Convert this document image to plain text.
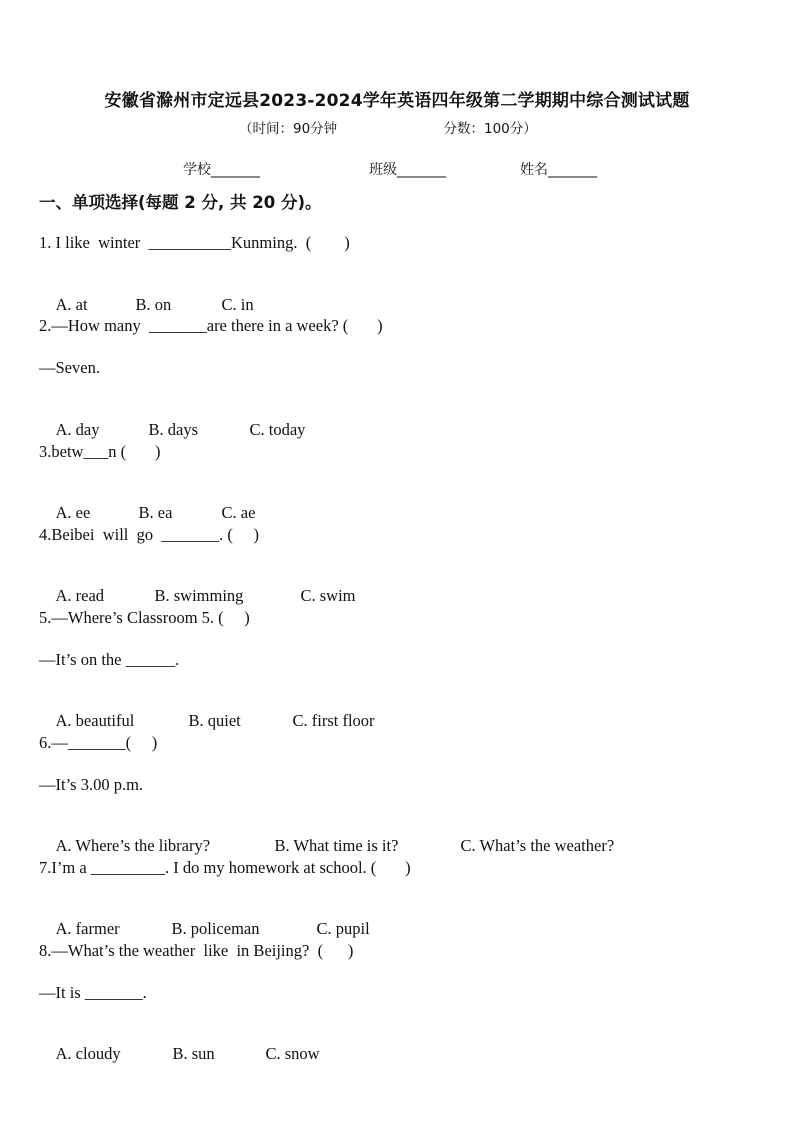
安徽省滁州市定远县2023-2024学年英语四年级第二学期期中综合测试试题
（时间：90分钟	分数：100分）
学校_______	班级_______	姓名_______
一、单项选择(每题 2 分, 共 20 分)。
1. I like  winter  __________Kunming.  (        )

A. at	B. on	C. in

2.—How many  _______are there in a week? (       )
—Seven.

A. day	B. days	C. today

3.betw___n (       )

A. ee	B. ea	C. ae

4.Beibei  will  go  _______. (     )

A. read	B. swimming	C. swim

5.—Where’s Classroom 5. (     )
—It’s on the ______.

A. beautiful	B. quiet	C. first floor

6.—_______(     )
—It’s 3.00 p.m.

A. Where’s the library?	B. What time is it?	C. What’s the weather?

7.I’m a _________. I do my homework at school. (       )

A. farmer	B. policeman	C. pupil

8.—What’s the weather  like  in Beijing?  (      )
—It is _______.

A. cloudy	B. sun	C. snow
